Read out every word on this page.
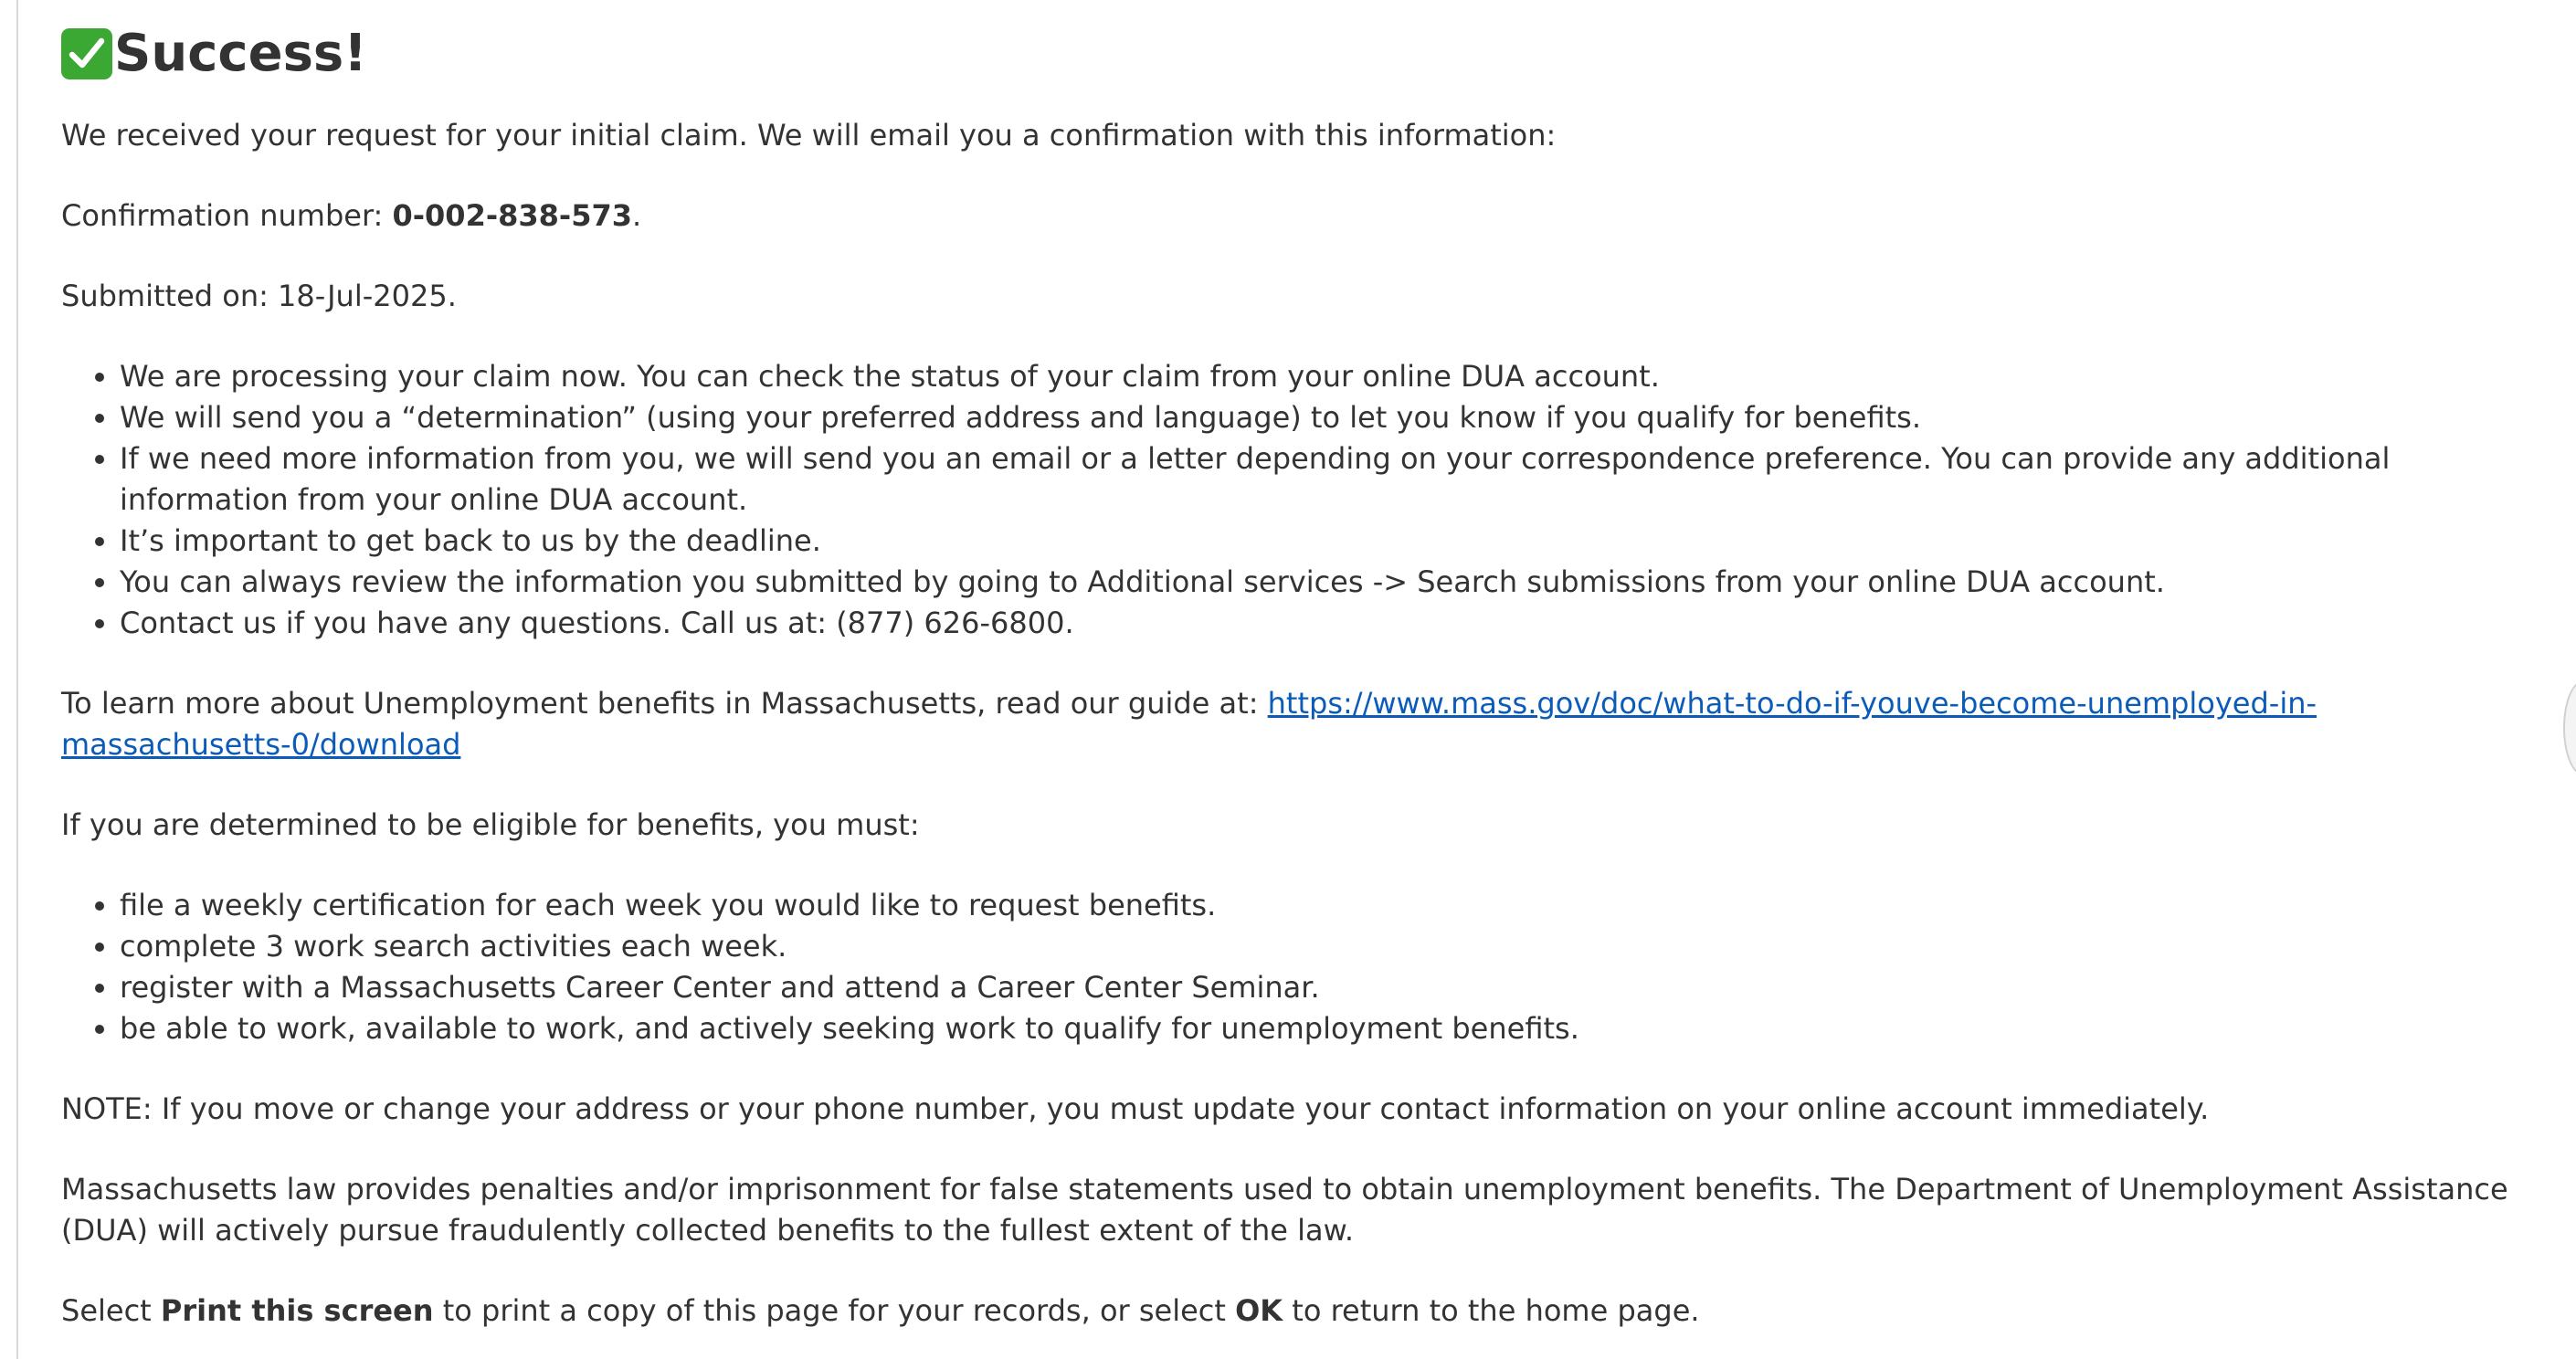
Success!

We received your request for your initial claim. We will email you a confirmation with this information:

Confirmation number: 0-002-838-573.

Submitted on: 18-Jul-2025.

• We are processing your claim now. You can check the status of your claim from your online DUA account.
• We will send you a “determination” (using your preferred address and language) to let you know if you qualify for benefits.
• If we need more information from you, we will send you an email or a letter depending on your correspondence preference. You can provide any additional information from your online DUA account.
• It’s important to get back to us by the deadline.
• You can always review the information you submitted by going to Additional services -> Search submissions from your online DUA account.
• Contact us if you have any questions. Call us at: (877) 626-6800.

To learn more about Unemployment benefits in Massachusetts, read our guide at: https://www.mass.gov/doc/what-to-do-if-youve-become-unemployed-in-massachusetts-0/download

If you are determined to be eligible for benefits, you must:

• file a weekly certification for each week you would like to request benefits.
• complete 3 work search activities each week.
• register with a Massachusetts Career Center and attend a Career Center Seminar.
• be able to work, available to work, and actively seeking work to qualify for unemployment benefits.

NOTE: If you move or change your address or your phone number, you must update your contact information on your online account immediately.

Massachusetts law provides penalties and/or imprisonment for false statements used to obtain unemployment benefits. The Department of Unemployment Assistance (DUA) will actively pursue fraudulently collected benefits to the fullest extent of the law.

Select Print this screen to print a copy of this page for your records, or select OK to return to the home page.
